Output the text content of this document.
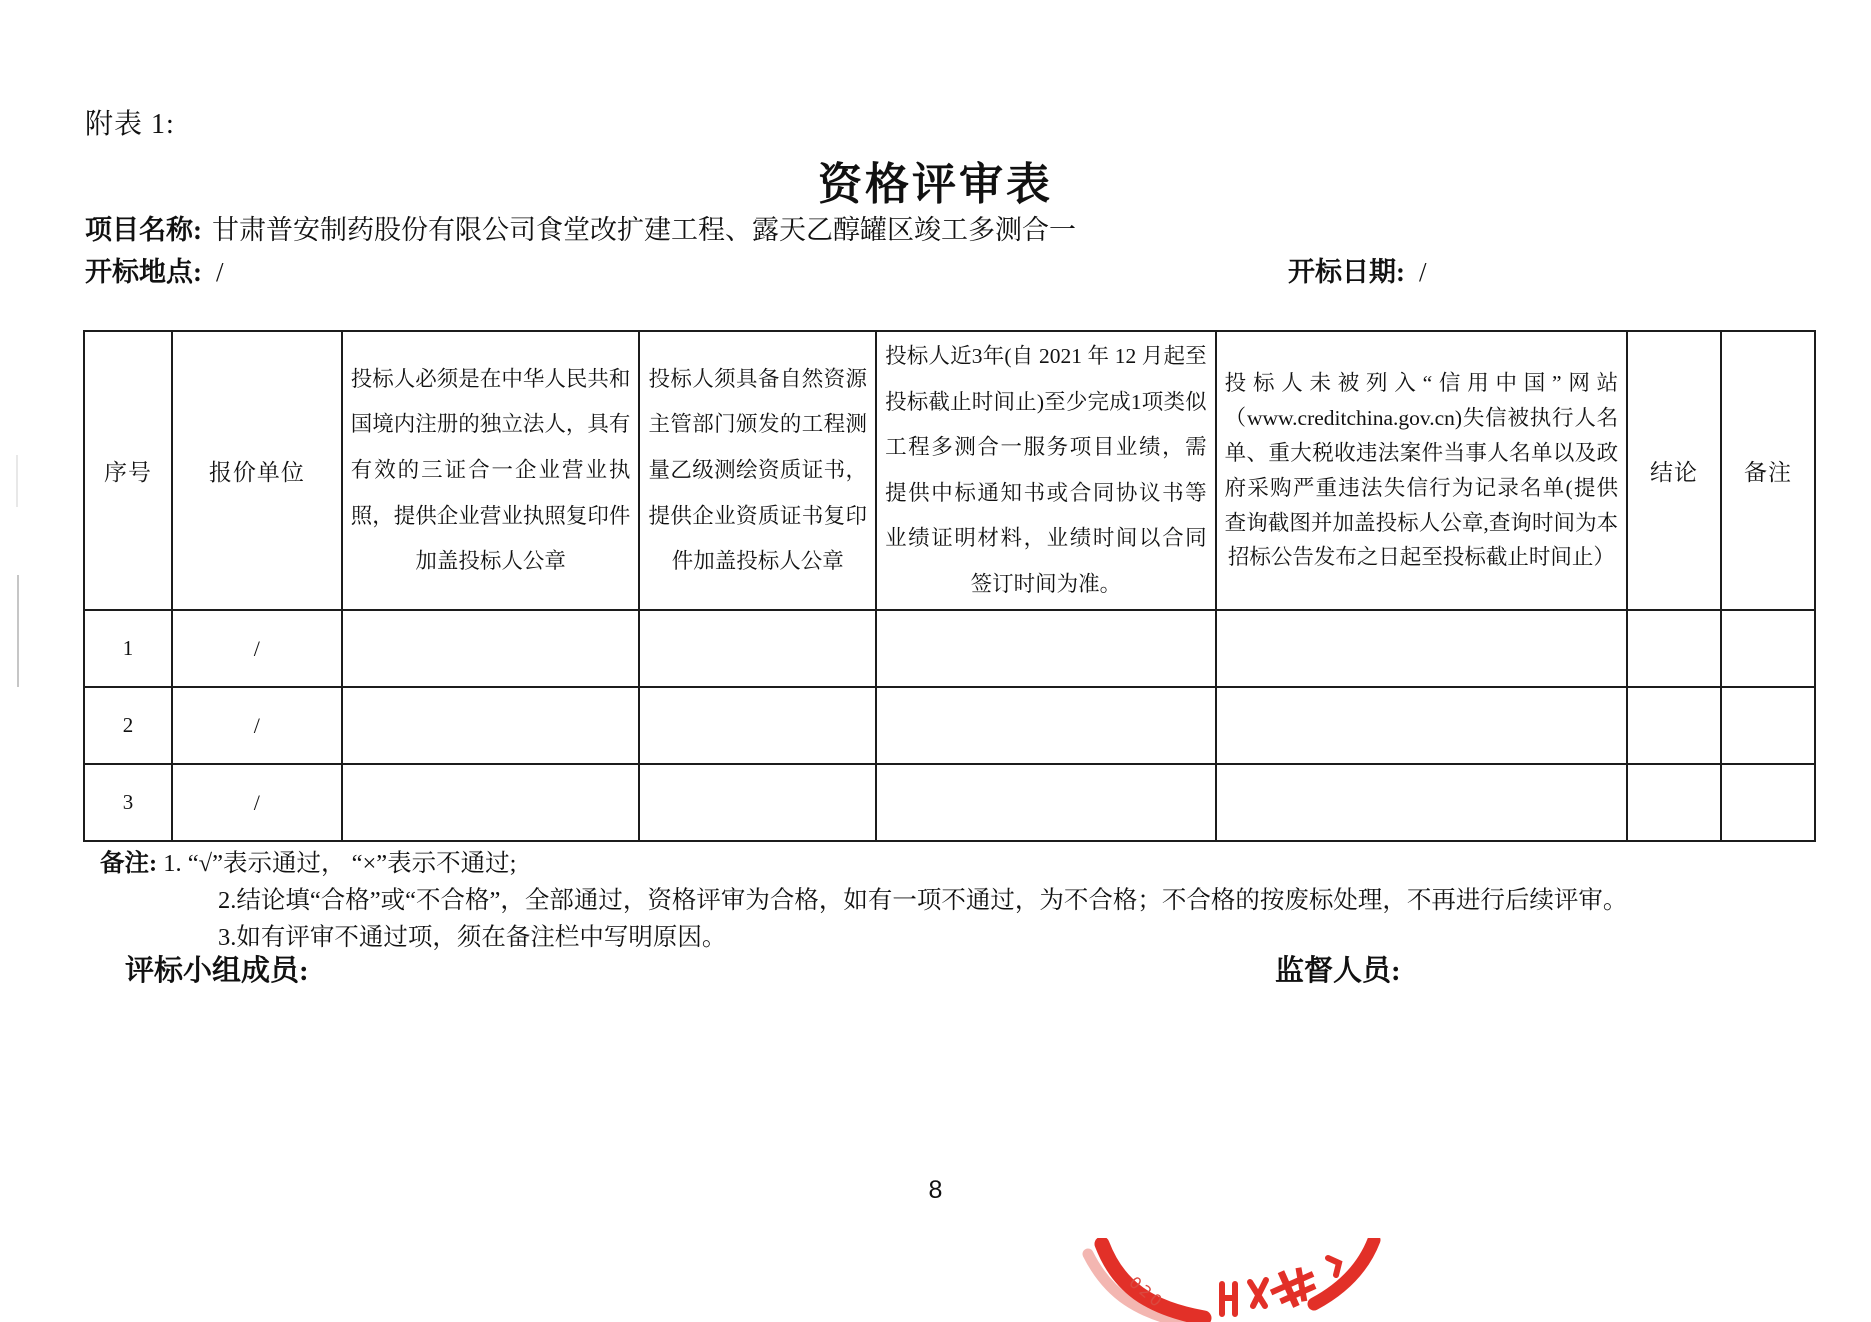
附表 1:
资格评审表
项目名称: 甘肃普安制药股份有限公司食堂改扩建工程、露天乙醇罐区竣工多测合一
开标地点: /	开标日期: /
序号	报价单位	投标人必须是在中华人民共和国境内注册的独立法人，具有有效的三证合一企业营业执照，提供企业营业执照复印件加盖投标人公章	投标人须具备自然资源主管部门颁发的工程测量乙级测绘资质证书，提供企业资质证书复印件加盖投标人公章	投标人近3年(自 2021 年 12 月起至投标截止时间止)至少完成1项类似工程多测合一服务项目业绩，需提供中标通知书或合同协议书等业绩证明材料，业绩时间以合同签订时间为准。	投标人未被列入“信用中国”网站（www.creditchina.gov.cn)失信被执行人名单、重大税收违法案件当事人名单以及政府采购严重违法失信行为记录名单(提供查询截图并加盖投标人公章,查询时间为本招标公告发布之日起至投标截止时间止）	结论	备注
1	/						
2	/						
3	/						
备注: 1. “√”表示通过， “×”表示不通过;
2.结论填“合格”或“不合格”，全部通过，资格评审为合格，如有一项不通过，为不合格；不合格的按废标处理，不再进行后续评审。
3.如有评审不通过项，须在备注栏中写明原因。
评标小组成员:	监督人员:
8
020
